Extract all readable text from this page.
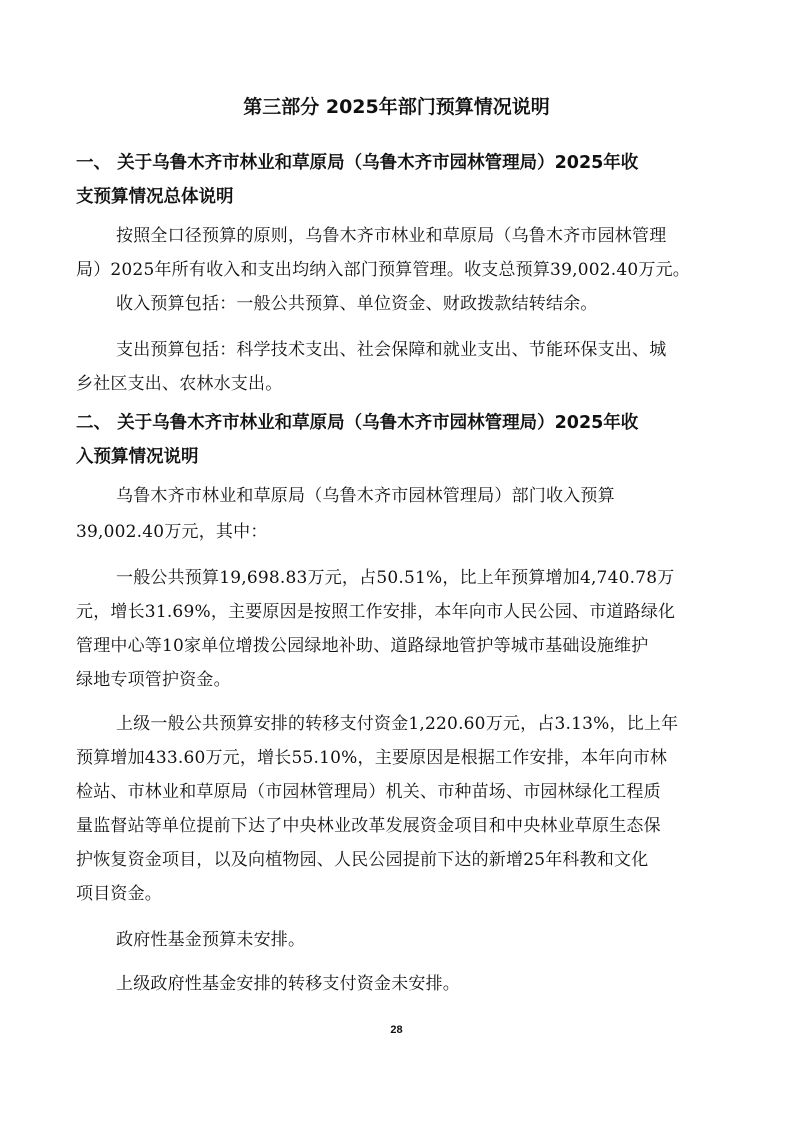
第三部分 2025年部门预算情况说明
一、 关于乌鲁木齐市林业和草原局（乌鲁木齐市园林管理局）2025年收
支预算情况总体说明

按照全口径预算的原则，乌鲁木齐市林业和草原局（乌鲁木齐市园林管理

局）2025年所有收入和支出均纳入部门预算管理。收支总预算39,002.40万元。

收入预算包括：一般公共预算、单位资金、财政拨款结转结余。

支出预算包括：科学技术支出、社会保障和就业支出、节能环保支出、城

乡社区支出、农林水支出。

二、 关于乌鲁木齐市林业和草原局（乌鲁木齐市园林管理局）2025年收
入预算情况说明

乌鲁木齐市林业和草原局（乌鲁木齐市园林管理局）部门收入预算

39,002.40万元，其中：

一般公共预算19,698.83万元，占50.51%，比上年预算增加4,740.78万

元，增长31.69%，主要原因是按照工作安排，本年向市人民公园、市道路绿化

管理中心等10家单位增拨公园绿地补助、道路绿地管护等城市基础设施维护

绿地专项管护资金。

上级一般公共预算安排的转移支付资金1,220.60万元，占3.13%，比上年

预算增加433.60万元，增长55.10%，主要原因是根据工作安排，本年向市林

检站、市林业和草原局（市园林管理局）机关、市种苗场、市园林绿化工程质

量监督站等单位提前下达了中央林业改革发展资金项目和中央林业草原生态保

护恢复资金项目，以及向植物园、人民公园提前下达的新增25年科教和文化

项目资金。

政府性基金预算未安排。

上级政府性基金安排的转移支付资金未安排。

28
